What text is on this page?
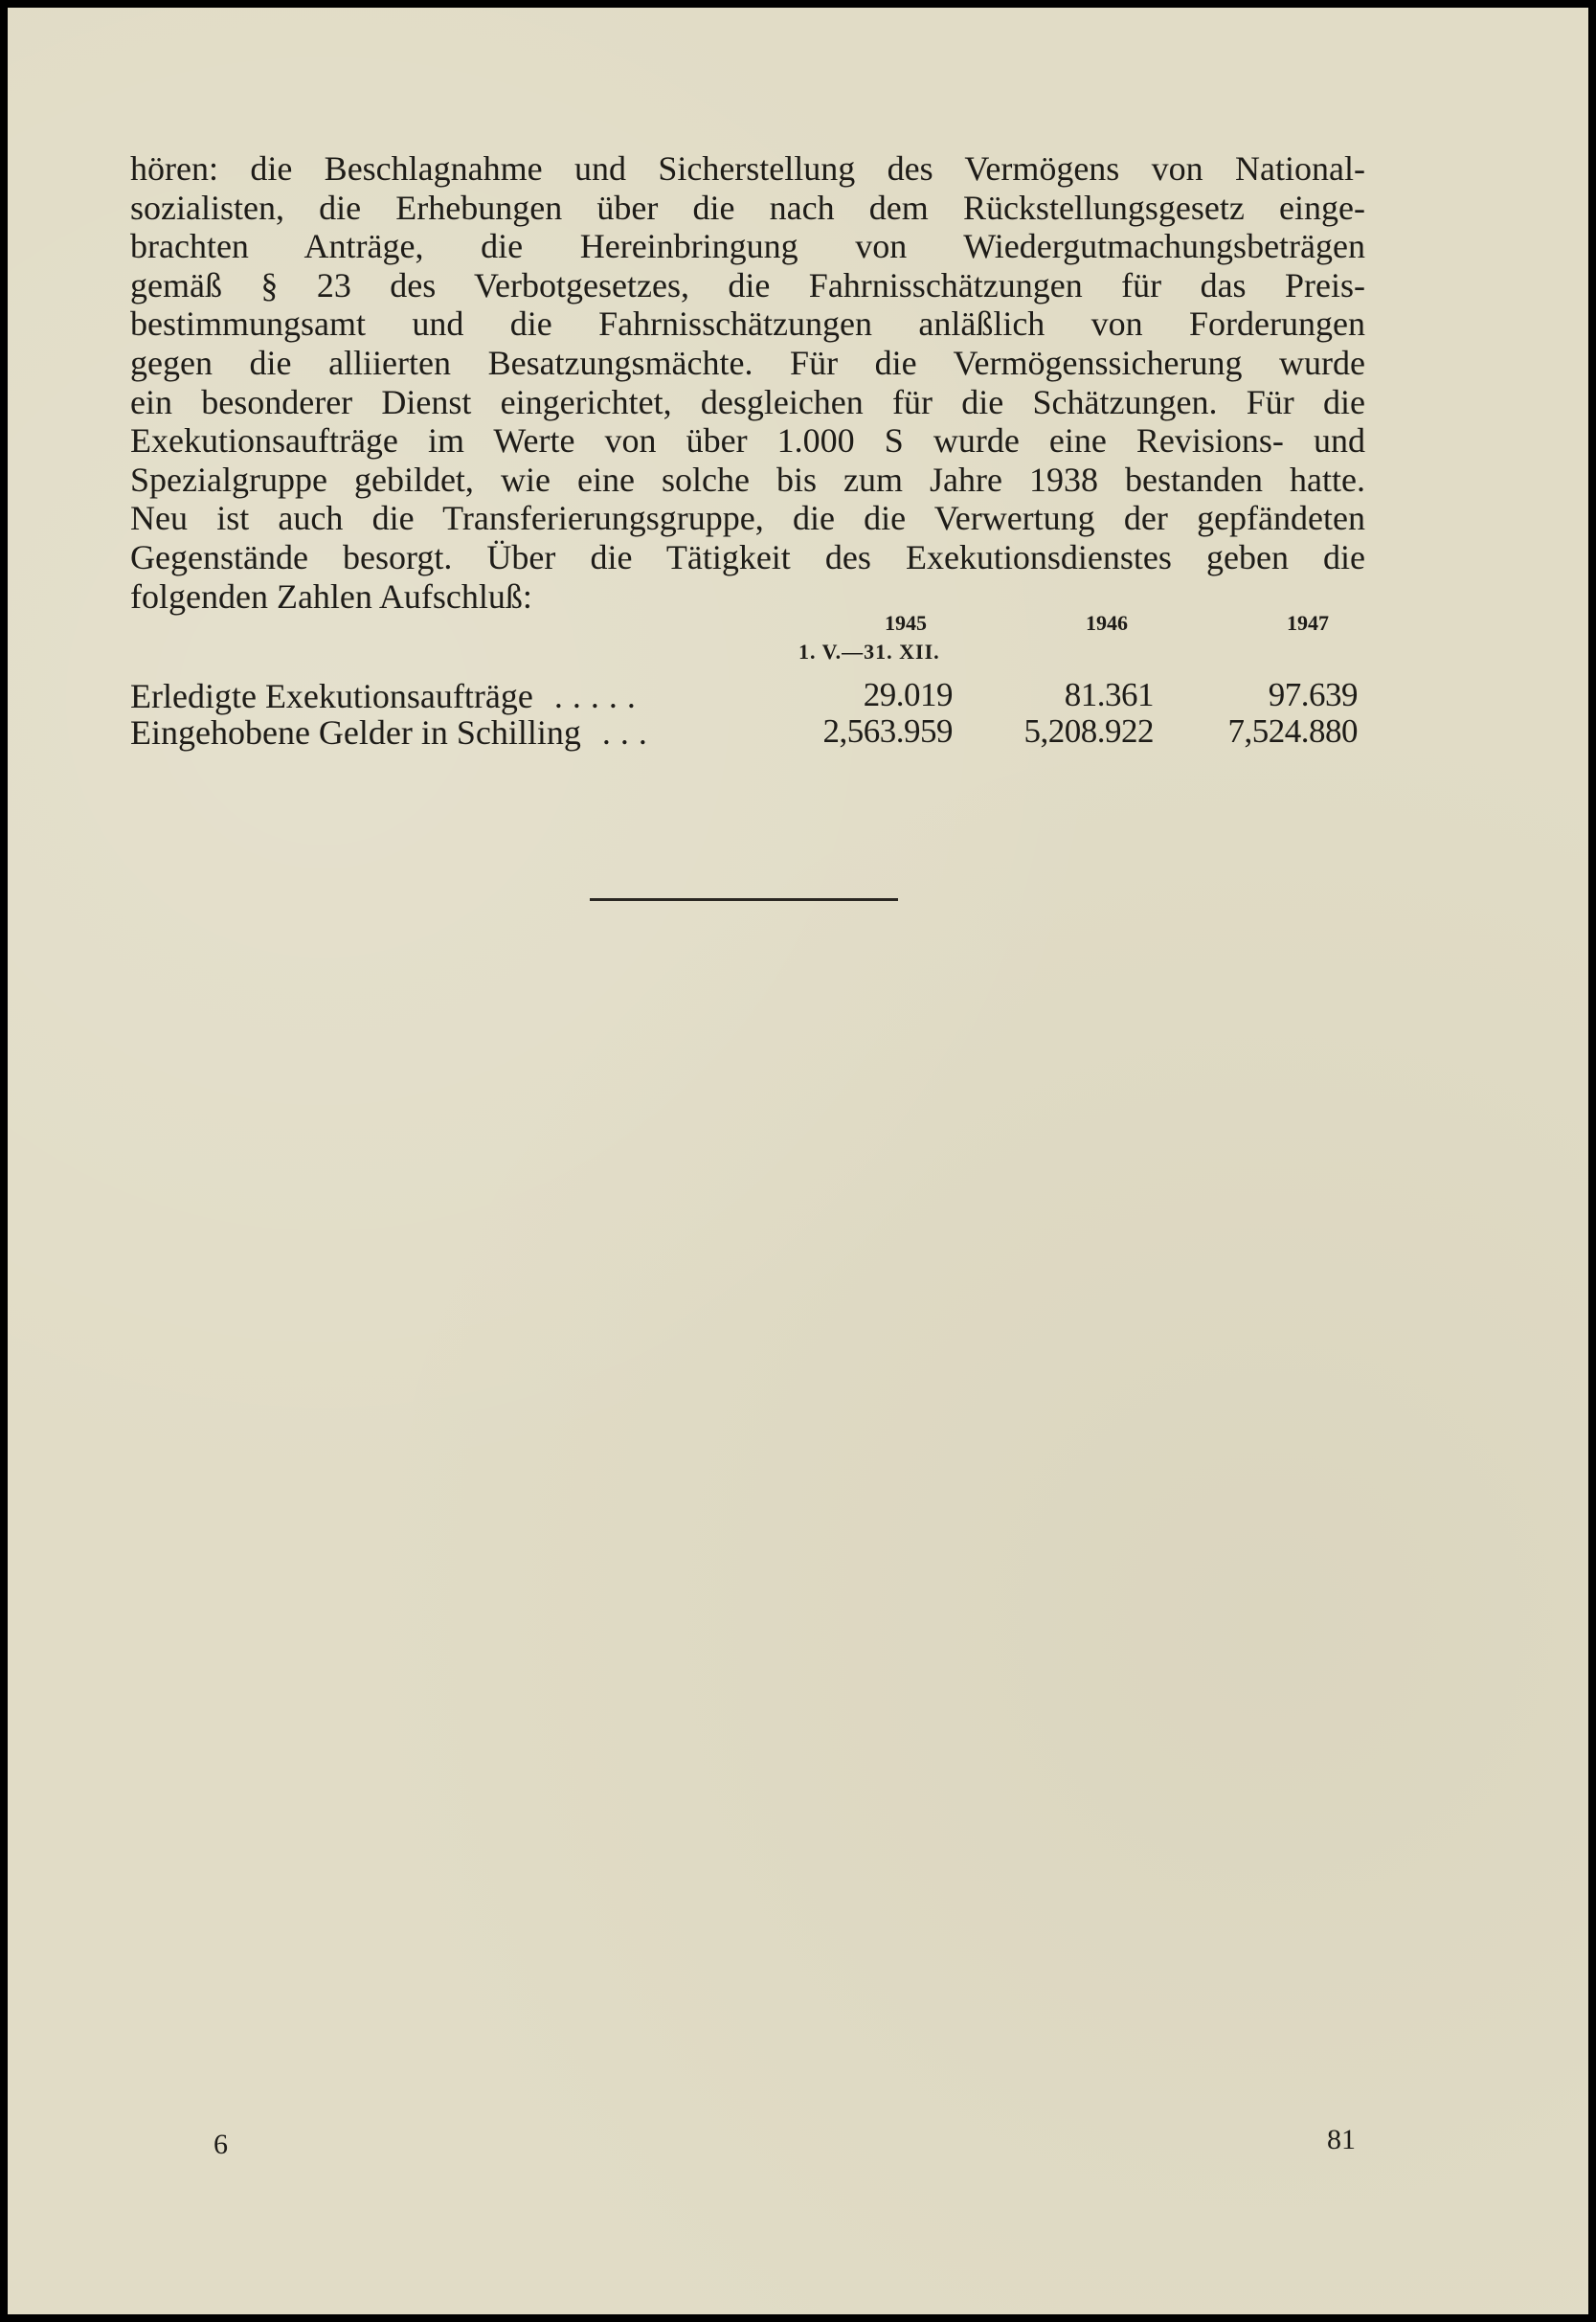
hören: die Beschlagnahme und Sicherstellung des Vermögens von National-
sozialisten, die Erhebungen über die nach dem Rückstellungsgesetz einge-
brachten Anträge, die Hereinbringung von Wiedergutmachungsbeträgen
gemäß § 23 des Verbotgesetzes, die Fahrnisschätzungen für das Preis-
bestimmungsamt und die Fahrnisschätzungen anläßlich von Forderungen
gegen die alliierten Besatzungsmächte. Für die Vermögenssicherung wurde
ein besonderer Dienst eingerichtet, desgleichen für die Schätzungen. Für die
Exekutionsaufträge im Werte von über 1.000 S wurde eine Revisions- und
Spezialgruppe gebildet, wie eine solche bis zum Jahre 1938 bestanden hatte.
Neu ist auch die Transferierungsgruppe, die die Verwertung der gepfändeten
Gegenstände besorgt. Über die Tätigkeit des Exekutionsdienstes geben die
folgenden Zahlen Aufschluß:
1945	1946	1947
1. V.—31. XII.
Erledigte Exekutionsaufträge .....	29.019	81.361	97.639
Eingehobene Gelder in Schilling ...	2,563.959	5,208.922	7,524.880
6	81
